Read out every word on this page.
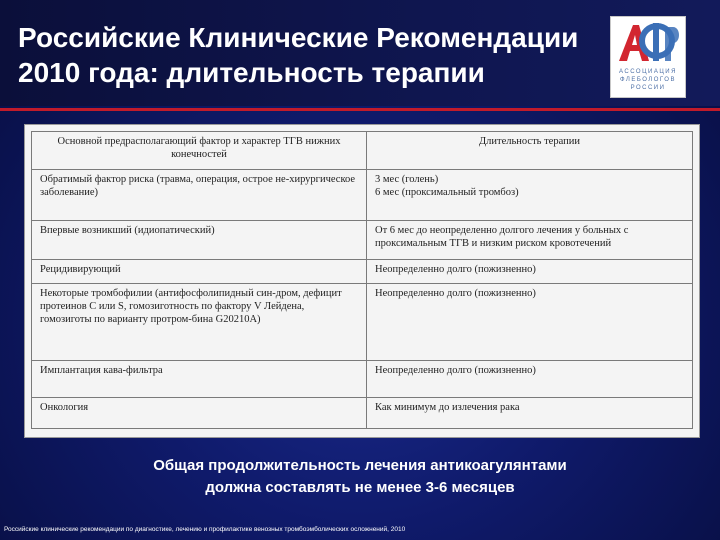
Российские Клинические Рекомендации
2010 года: длительность терапии	АССОЦИАЦИЯ
ФЛЕБОЛОГОВ
РОССИИ
Основной предрасполагающий фактор и характер ТГВ нижних конечностей	Длительность терапии
Обратимый фактор риска (травма, операция, острое не-хирургическое заболевание)	3 мес (голень)
6 мес (проксимальный тромбоз)

Впервые возникший (идиопатический)	От 6 мес до неопределенно долгого лечения у больных с проксимальным ТГВ и низким риском кровотечений
Рецидивирующий	Неопределенно долго (пожизненно)
Некоторые тромбофилии (антифосфолипидный син-дром, дефицит протеинов С или S, гомозиготность по фактору V Лейдена, гомозиготы по варианту протром-бина G20210A)	Неопределенно долго (пожизненно)
Имплантация кава-фильтра	Неопределенно долго (пожизненно)
Онкология	Как минимум до излечения рака
Общая продолжительность лечения антикоагулянтами
должна составлять не менее 3-6 месяцев
Российские клинические рекомендации по диагностике, лечению и профилактике венозных тромбоэмболических осложнений, 2010
